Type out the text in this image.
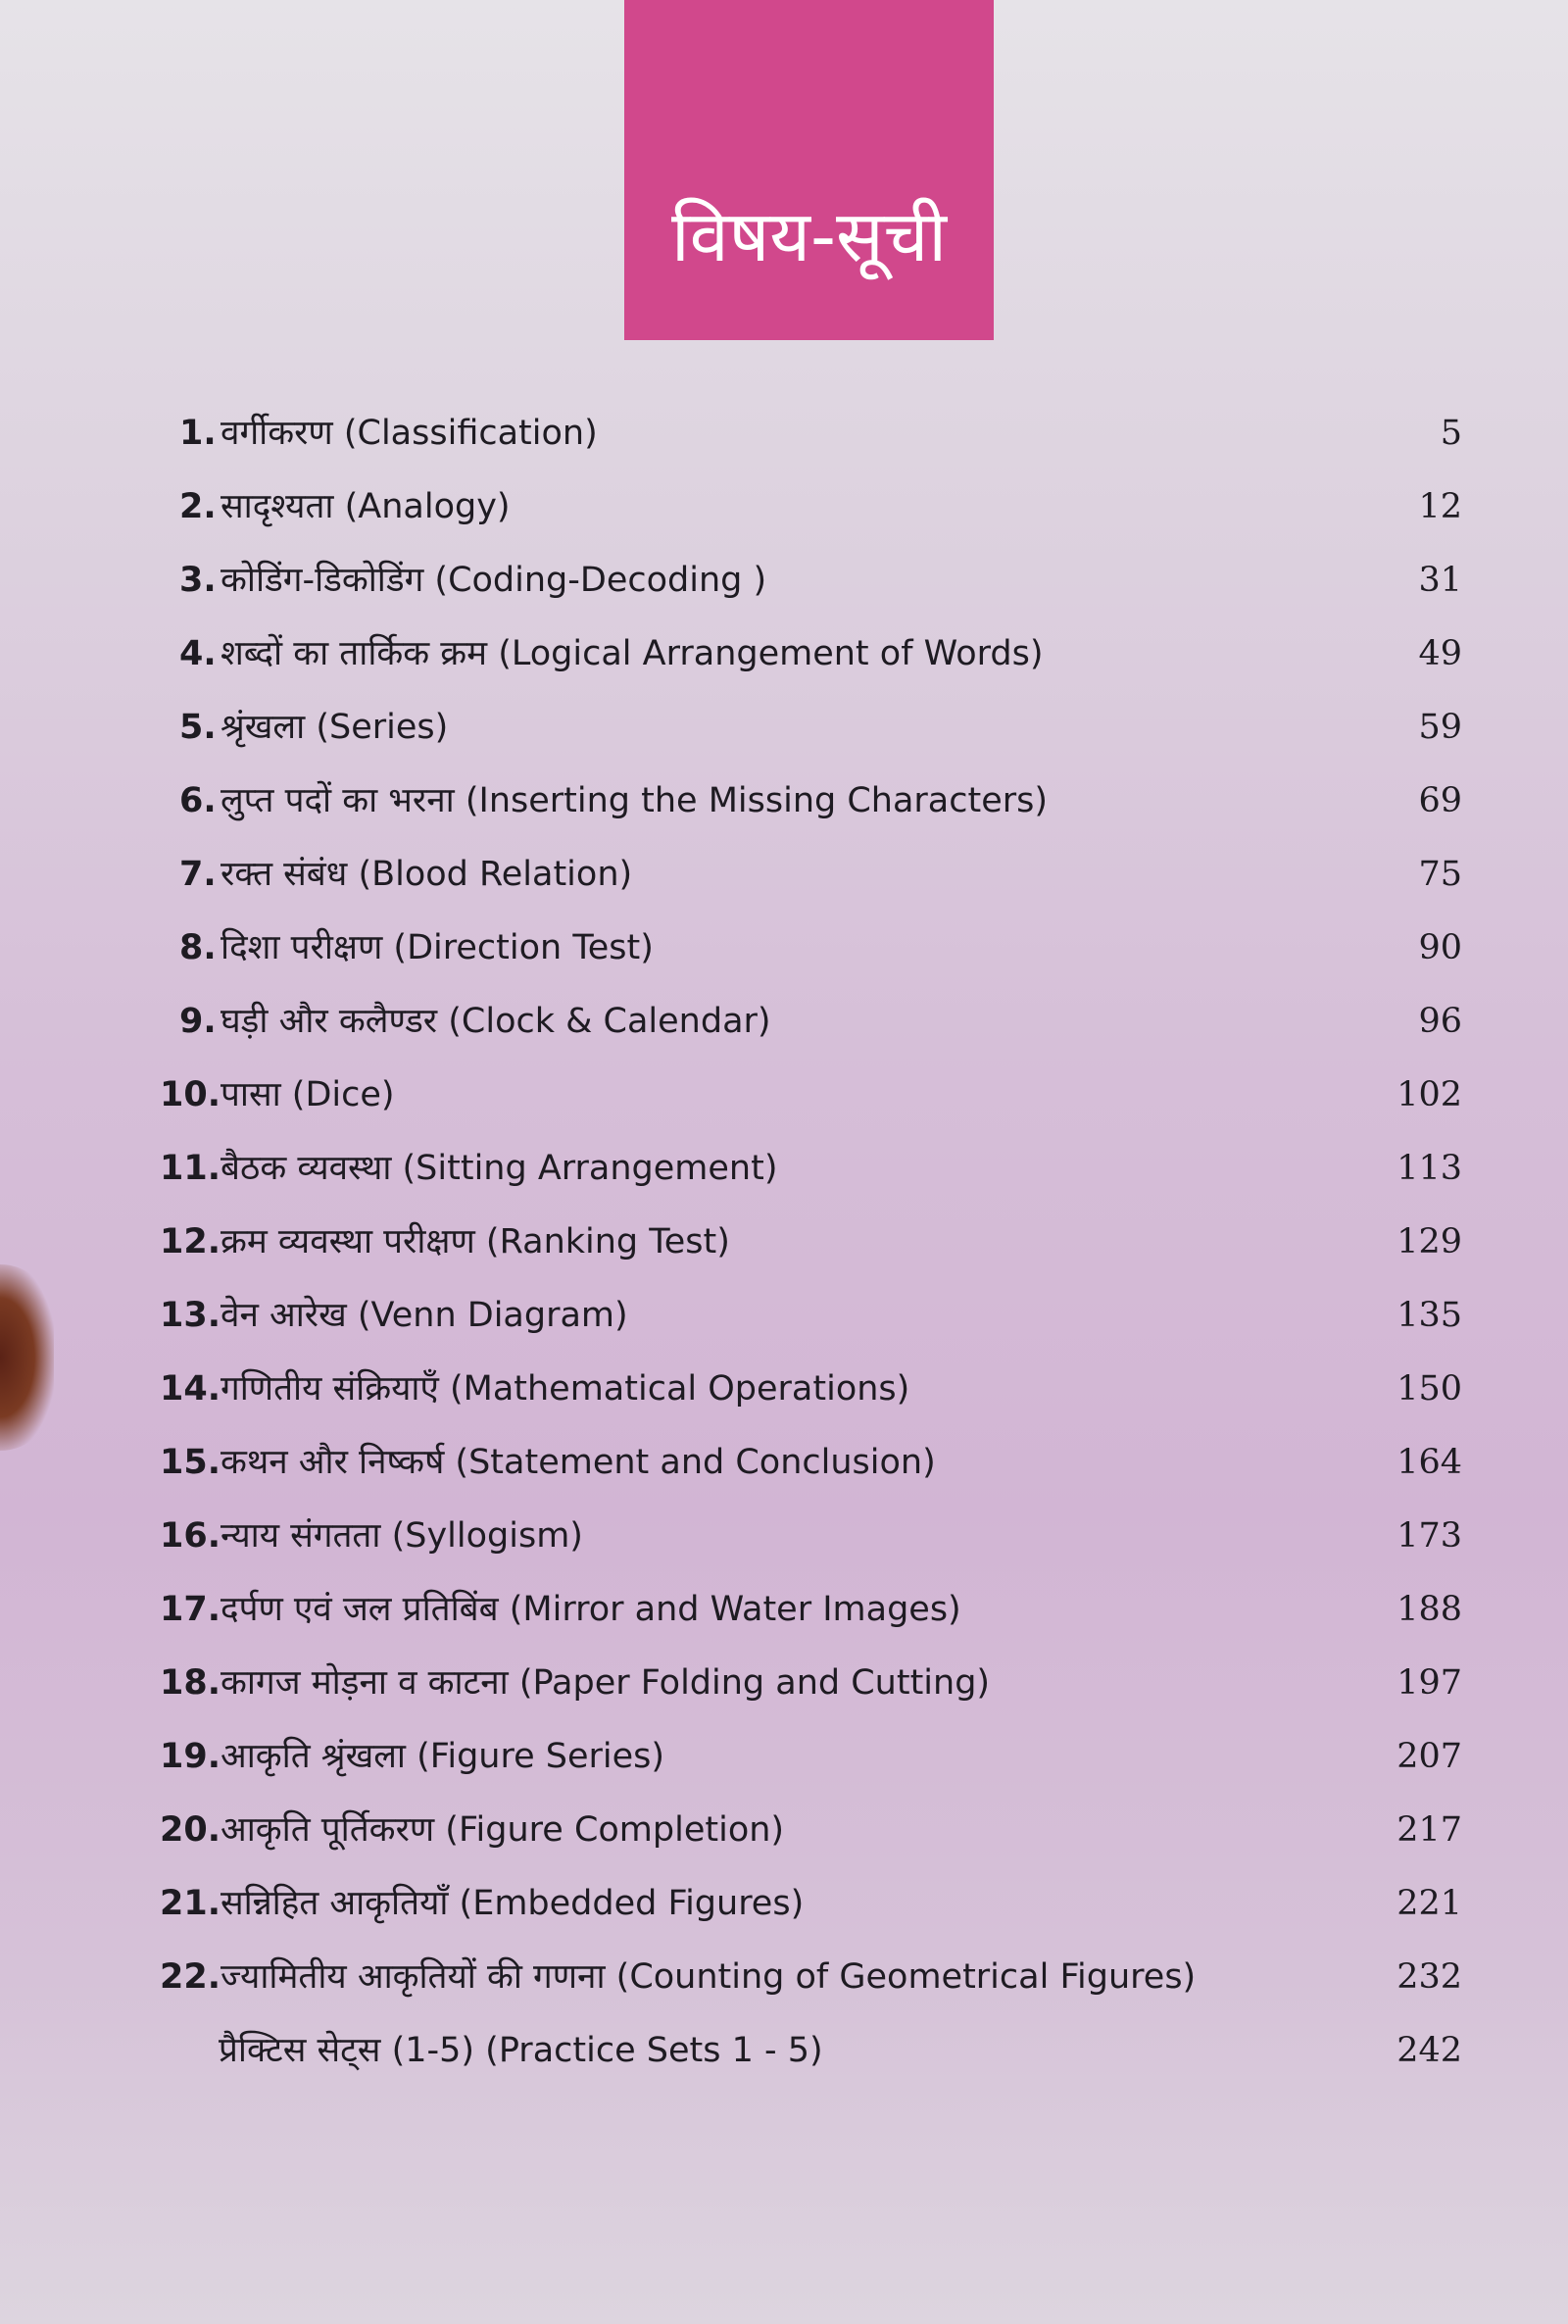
विषय-सूची
1. वर्गीकरण (Classification)	5
2. सादृश्यता (Analogy)	12
3. कोडिंग-डिकोडिंग (Coding-Decoding )	31
4. शब्दों का तार्किक क्रम (Logical Arrangement of Words)	49
5. श्रृंखला (Series)	59
6. लुप्त पदों का भरना (Inserting the Missing Characters)	69
7. रक्त संबंध (Blood Relation)	75
8. दिशा परीक्षण (Direction Test)	90
9. घड़ी और कलैण्डर (Clock & Calendar)	96
10. पासा (Dice)	102
11. बैठक व्यवस्था (Sitting Arrangement)	113
12. क्रम व्यवस्था परीक्षण (Ranking Test)	129
13. वेन आरेख (Venn Diagram)	135
14. गणितीय संक्रियाएँ (Mathematical Operations)	150
15. कथन और निष्कर्ष (Statement and Conclusion)	164
16. न्याय संगतता (Syllogism)	173
17. दर्पण एवं जल प्रतिबिंब (Mirror and Water Images)	188
18. कागज मोड़ना व काटना (Paper Folding and Cutting)	197
19. आकृति श्रृंखला (Figure Series)	207
20. आकृति पूर्तिकरण (Figure Completion)	217
21. सन्निहित आकृतियाँ (Embedded Figures)	221
22. ज्यामितीय आकृतियों की गणना (Counting of Geometrical Figures)	232
प्रैक्टिस सेट्स (1-5) (Practice Sets 1 - 5)	242
